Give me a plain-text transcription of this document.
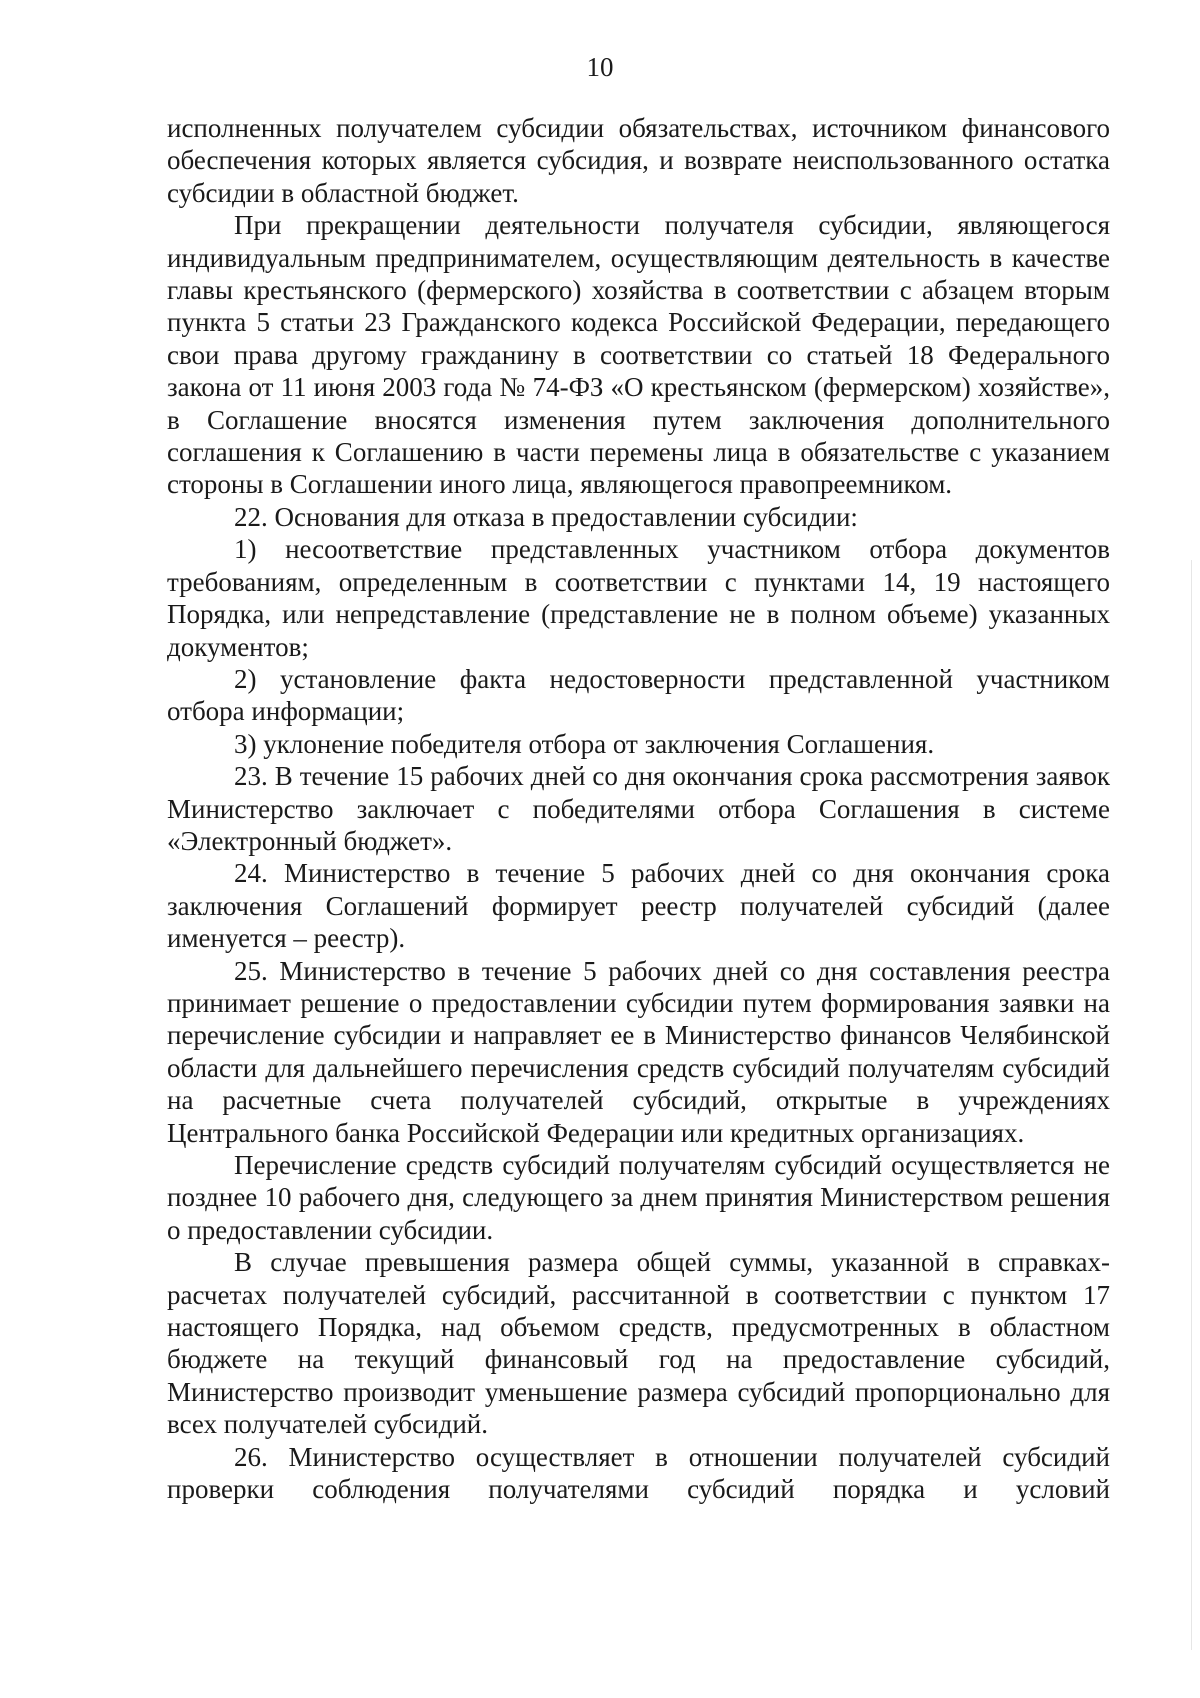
10

исполненных получателем субсидии обязательствах, источником финансового обеспечения которых является субсидия, и возврате неиспользованного остатка субсидии в областной бюджет.

При прекращении деятельности получателя субсидии, являющегося индивидуальным предпринимателем, осуществляющим деятельность в качестве главы крестьянского (фермерского) хозяйства в соответствии с абзацем вторым пункта 5 статьи 23 Гражданского кодекса Российской Федерации, передающего свои права другому гражданину в соответствии со статьей 18 Федерального закона от 11 июня 2003 года № 74-ФЗ «О крестьянском (фермерском) хозяйстве», в Соглашение вносятся изменения путем заключения дополнительного соглашения к Соглашению в части перемены лица в обязательстве с указанием стороны в Соглашении иного лица, являющегося правопреемником.

22. Основания для отказа в предоставлении субсидии:

1) несоответствие представленных участником отбора документов требованиям, определенным в соответствии с пунктами 14, 19 настоящего Порядка, или непредставление (представление не в полном объеме) указанных документов;

2) установление факта недостоверности представленной участником отбора информации;

3) уклонение победителя отбора от заключения Соглашения.

23. В течение 15 рабочих дней со дня окончания срока рассмотрения заявок Министерство заключает с победителями отбора Соглашения в системе «Электронный бюджет».

24. Министерство в течение 5 рабочих дней со дня окончания срока заключения Соглашений формирует реестр получателей субсидий (далее именуется – реестр).

25. Министерство в течение 5 рабочих дней со дня составления реестра принимает решение о предоставлении субсидии путем формирования заявки на перечисление субсидии и направляет ее в Министерство финансов Челябинской области для дальнейшего перечисления средств субсидий получателям субсидий на расчетные счета получателей субсидий, открытые в учреждениях Центрального банка Российской Федерации или кредитных организациях.

Перечисление средств субсидий получателям субсидий осуществляется не позднее 10 рабочего дня, следующего за днем принятия Министерством решения о предоставлении субсидии.

В случае превышения размера общей суммы, указанной в справках-расчетах получателей субсидий, рассчитанной в соответствии с пунктом 17 настоящего Порядка, над объемом средств, предусмотренных в областном бюджете на текущий финансовый год на предоставление субсидий, Министерство производит уменьшение размера субсидий пропорционально для всех получателей субсидий.

26. Министерство осуществляет в отношении получателей субсидий проверки соблюдения получателями субсидий порядка и условий
